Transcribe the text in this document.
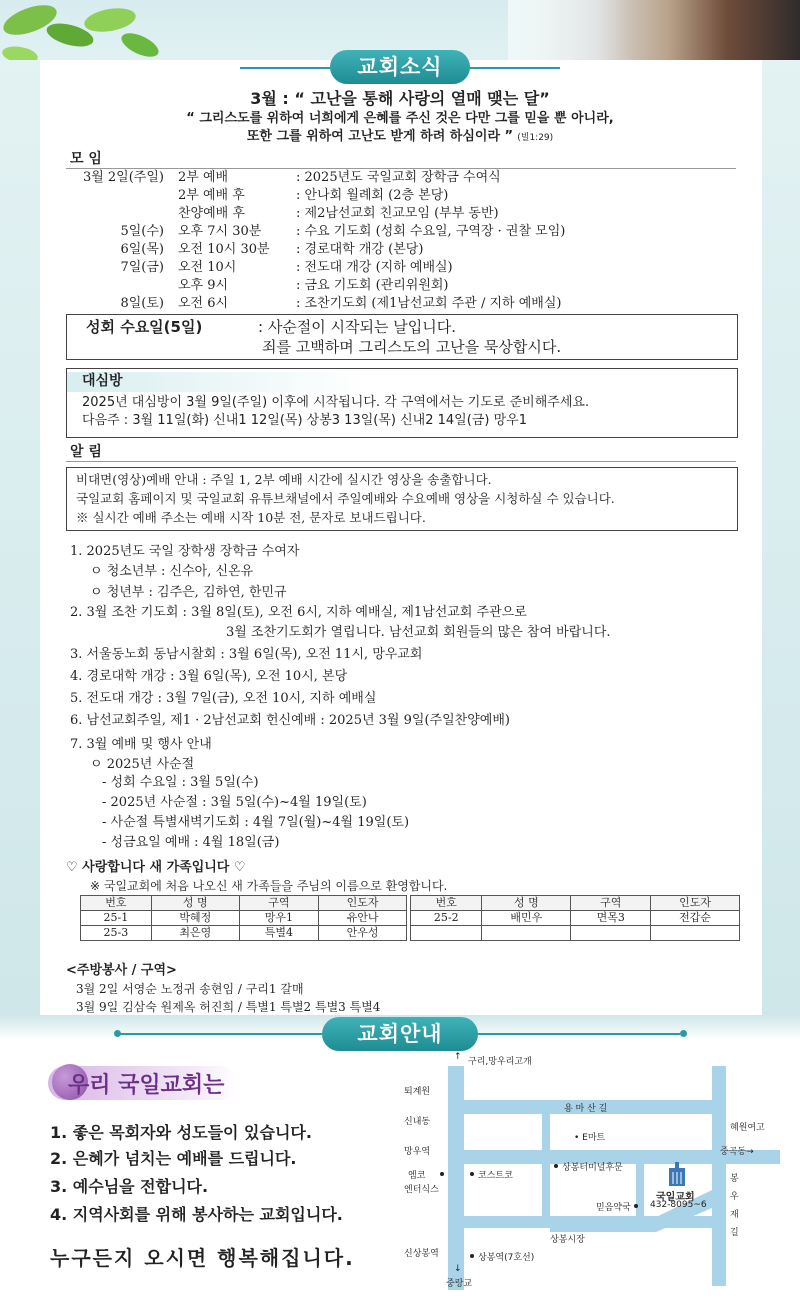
교회소식
3월 : “ 고난을 통해 사랑의 열매 맺는 달”
“ 그리스도를 위하여 너희에게 은혜를 주신 것은 다만 그를 믿을 뿐 아니라,
또한 그를 위하여 고난도 받게 하려 하심이라 ” (빌1:29)
모 임
3월 2일(주일) 2부 예배	: 2025년도 국일교회 장학금 수여식
2부 예배 후	: 안나회 월례회 (2층 본당)
찬양예배 후	: 제2남선교회 친교모임 (부부 동반)
5일(수) 오후 7시 30분	: 수요 기도회 (성회 수요일, 구역장 · 권찰 모임)
6일(목) 오전 10시 30분 : 경로대학 개강 (본당)
7일(금) 오전 10시	: 전도대 개강 (지하 예배실)
오후 9시	: 금요 기도회 (관리위원회)
8일(토) 오전 6시	: 조찬기도회 (제1남선교회 주관 / 지하 예배실)
성회 수요일(5일)	: 사순절이 시작되는 날입니다.
죄를 고백하며 그리스도의 고난을 묵상합시다.
대심방
2025년 대심방이 3월 9일(주일) 이후에 시작됩니다. 각 구역에서는 기도로 준비해주세요.
다음주 : 3월 11일(화) 신내1 12일(목) 상봉3 13일(목) 신내2 14일(금) 망우1
알 림
비대면(영상)예배 안내 : 주일 1, 2부 예배 시간에 실시간 영상을 송출합니다.
국일교회 홈페이지 및 국일교회 유튜브채널에서 주일예배와 수요예배 영상을 시청하실 수 있습니다.
※ 실시간 예배 주소는 예배 시작 10분 전, 문자로 보내드립니다.
1. 2025년도 국일 장학생 장학금 수여자
ㅇ 청소년부 : 신수아, 신온유
ㅇ 청년부 : 김주은, 김하연, 한민규
2. 3월 조찬 기도회 : 3월 8일(토), 오전 6시, 지하 예배실, 제1남선교회 주관으로
3월 조찬기도회가 열립니다. 남선교회 회원들의 많은 참여 바랍니다.
3. 서울동노회 동남시찰회 : 3월 6일(목), 오전 11시, 망우교회
4. 경로대학 개강 : 3월 6일(목), 오전 10시, 본당
5. 전도대 개강 : 3월 7일(금), 오전 10시, 지하 예배실
6. 남선교회주일, 제1 · 2남선교회 헌신예배 : 2025년 3월 9일(주일찬양예배)
7. 3월 예배 및 행사 안내
ㅇ 2025년 사순절
- 성회 수요일 : 3월 5일(수)
- 2025년 사순절 : 3월 5일(수)~4월 19일(토)
- 사순절 특별새벽기도회 : 4월 7일(월)~4월 19일(토)
- 성금요일 예배 : 4월 18일(금)
♡ 사랑합니다 새 가족입니다 ♡
※ 국일교회에 처음 나오신 새 가족들을 주님의 이름으로 환영합니다.
번호	성 명	구역	인도자
25-1	박혜정	망우1	유안나
25-3	최은영	특별4	안우성
번호	성 명	구역	인도자
25-2	배민우	면목3	전갑순

<주방봉사 / 구역>
3월 2일 서영순 노정귀 송현임 / 구리1 갈매
3월 9일 김삼숙 원제옥 허진희 / 특별1 특별2 특별3 특별4
교회안내
우리 국일교회는
1. 좋은 목회자와 성도들이 있습니다.
2. 은혜가 넘치는 예배를 드립니다.
3. 예수님을 전합니다.
4. 지역사회를 위해 봉사하는 교회입니다.
누구든지 오시면 행복해집니다.
↑ 구리,망우리고개
퇴계원
용 마 산 길
혜원여고
신내동
• E마트
망우역	중곡동→
엠코
엔터식스
코스트코
상봉터미널후문
믿음약국
국일교회
432-8095~6
봉우재길
상봉시장
신상봉역	상봉역(7호선)
↓
중랑교
